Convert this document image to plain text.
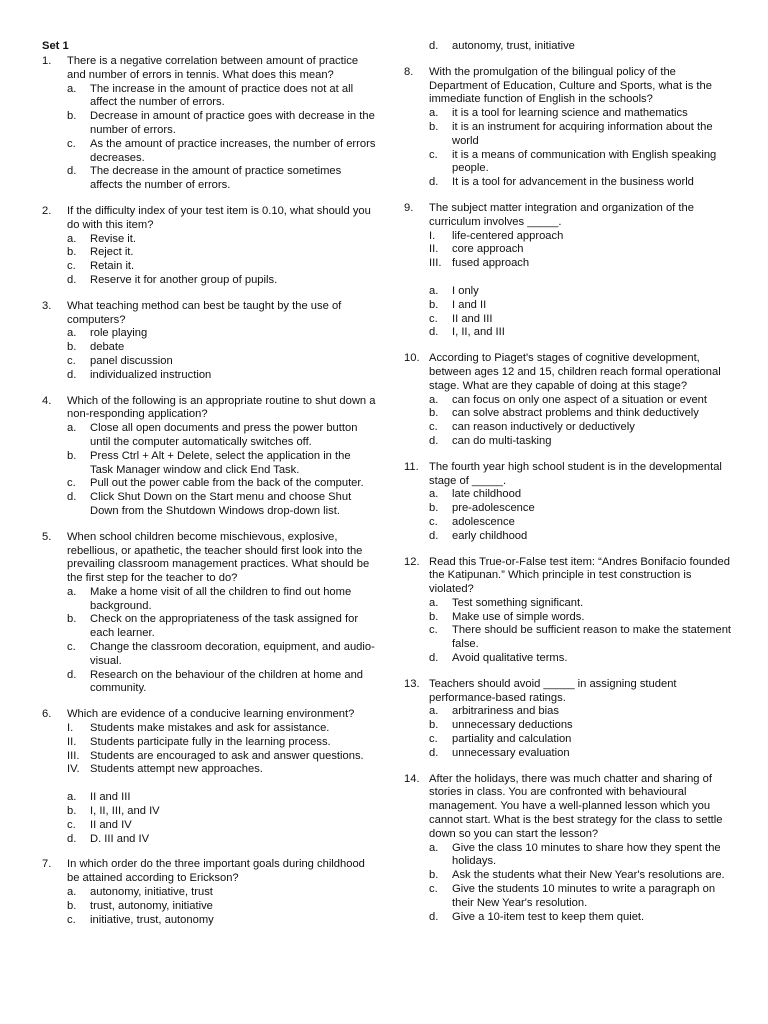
Set 1
1.	There is a negative correlation between amount of practice and number of errors in tennis. What does this mean?
a.	The increase in the amount of practice does not at all affect the number of errors.
b.	Decrease in amount of practice goes with decrease in the number of errors.
c.	As the amount of practice increases, the number of errors decreases.
d.	The decrease in the amount of practice sometimes affects the number of errors.
2.	If the difficulty index of your test item is 0.10, what should you do with this item?
a.	Revise it.
b.	Reject it.
c.	Retain it.
d.	Reserve it for another group of pupils.
3.	What teaching method can best be taught by the use of computers?
a.	role playing
b.	debate
c.	panel discussion
d.	individualized instruction
4.	Which of the following is an appropriate routine to shut down a non-responding application?
a.	Close all open documents and press the power button until the computer automatically switches off.
b.	Press Ctrl + Alt + Delete, select the application in the Task Manager window and click End Task.
c.	Pull out the power cable from the back of the computer.
d.	Click Shut Down on the Start menu and choose Shut Down from the Shutdown Windows drop-down list.
5.	When school children become mischievous, explosive, rebellious, or apathetic, the teacher should first look into the prevailing classroom management practices. What should be the first step for the teacher to do?
a.	Make a home visit of all the children to find out home background.
b.	Check on the appropriateness of the task assigned for each learner.
c.	Change the classroom decoration, equipment, and audio-visual.
d.	Research on the behaviour of the children at home and community.
6.	Which are evidence of a conducive learning environment?
I.	Students make mistakes and ask for assistance.
II.	Students participate fully in the learning process.
III. Students are encouraged to ask and answer questions.
IV. Students attempt new approaches.
a.	II and III
b.	I, II, III, and IV
c.	II and IV
d.	D. III and IV
7.	In which order do the three important goals during childhood be attained according to Erickson?
a.	autonomy, initiative, trust
b.	trust, autonomy, initiative
c.	initiative, trust, autonomy
d.	autonomy, trust, initiative
8.	With the promulgation of the bilingual policy of the Department of Education, Culture and Sports, what is the immediate function of English in the schools?
a.	it is a tool for learning science and mathematics
b.	it is an instrument for acquiring information about the world
c.	it is a means of communication with English speaking people.
d.	It is a tool for advancement in the business world
9.	The subject matter integration and organization of the curriculum involves _____.
I.	life-centered approach
II.	core approach
III. fused approach
a.	I only
b.	I and II
c.	II and III
d.	I, II, and III
10. According to Piaget's stages of cognitive development, between ages 12 and 15, children reach formal operational stage. What are they capable of doing at this stage?
a.	can focus on only one aspect of a situation or event
b.	can solve abstract problems and think deductively
c.	can reason inductively or deductively
d.	can do multi-tasking
11. The fourth year high school student is in the developmental stage of _____.
a.	late childhood
b.	pre-adolescence
c.	adolescence
d.	early childhood
12. Read this True-or-False test item: “Andres Bonifacio founded the Katipunan.” Which principle in test construction is violated?
a.	Test something significant.
b.	Make use of simple words.
c.	There should be sufficient reason to make the statement false.
d.	Avoid qualitative terms.
13. Teachers should avoid _____ in assigning student performance-based ratings.
a.	arbitrariness and bias
b.	unnecessary deductions
c.	partiality and calculation
d.	unnecessary evaluation
14. After the holidays, there was much chatter and sharing of stories in class. You are confronted with behavioural management. You have a well-planned lesson which you cannot start. What is the best strategy for the class to settle down so you can start the lesson?
a.	Give the class 10 minutes to share how they spent the holidays.
b.	Ask the students what their New Year's resolutions are.
c.	Give the students 10 minutes to write a paragraph on their New Year's resolution.
d.	Give a 10-item test to keep them quiet.
